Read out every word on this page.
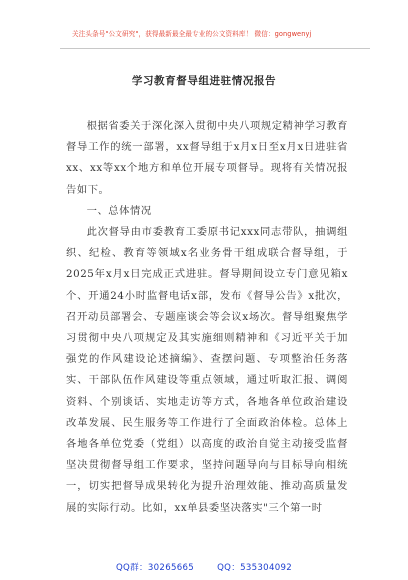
关注头条号"公文研究"，获得最新最全最专业的公文资料库！ 微信：gongwenyj
学习教育督导组进驻情况报告

根据省委关于深化深入贯彻中央八项规定精神学习教育督导工作的统一部署，xx督导组于x月x日至x月x日进驻省xx、xx等xx个地方和单位开展专项督导。现将有关情况报告如下。

一、总体情况

此次督导由市委教育工委原书记xxx同志带队，抽调组织、纪检、教育等领域x名业务骨干组成联合督导组，于2025年x月x日完成正式进驻。督导期间设立专门意见箱x个、开通24小时监督电话x部，发布《督导公告》x批次，召开动员部署会、专题座谈会等会议x场次。督导组聚焦学习贯彻中央八项规定及其实施细则精神和《习近平关于加强党的作风建设论述摘编》、查摆问题、专项整治任务落实、干部队伍作风建设等重点领域，通过听取汇报、调阅资料、个别谈话、实地走访等方式，各地各单位政治建设改革发展、民生服务等工作进行了全面政治体检。总体上各地各单位党委（党组）以高度的政治自觉主动接受监督坚决贯彻督导组工作要求，坚持问题导向与目标导向相统一，切实把督导成果转化为提升治理效能、推动高质量发展的实际行动。比如，xx单县委坚决落实"三个第一时

QQ群：30265665	QQ：535304092
